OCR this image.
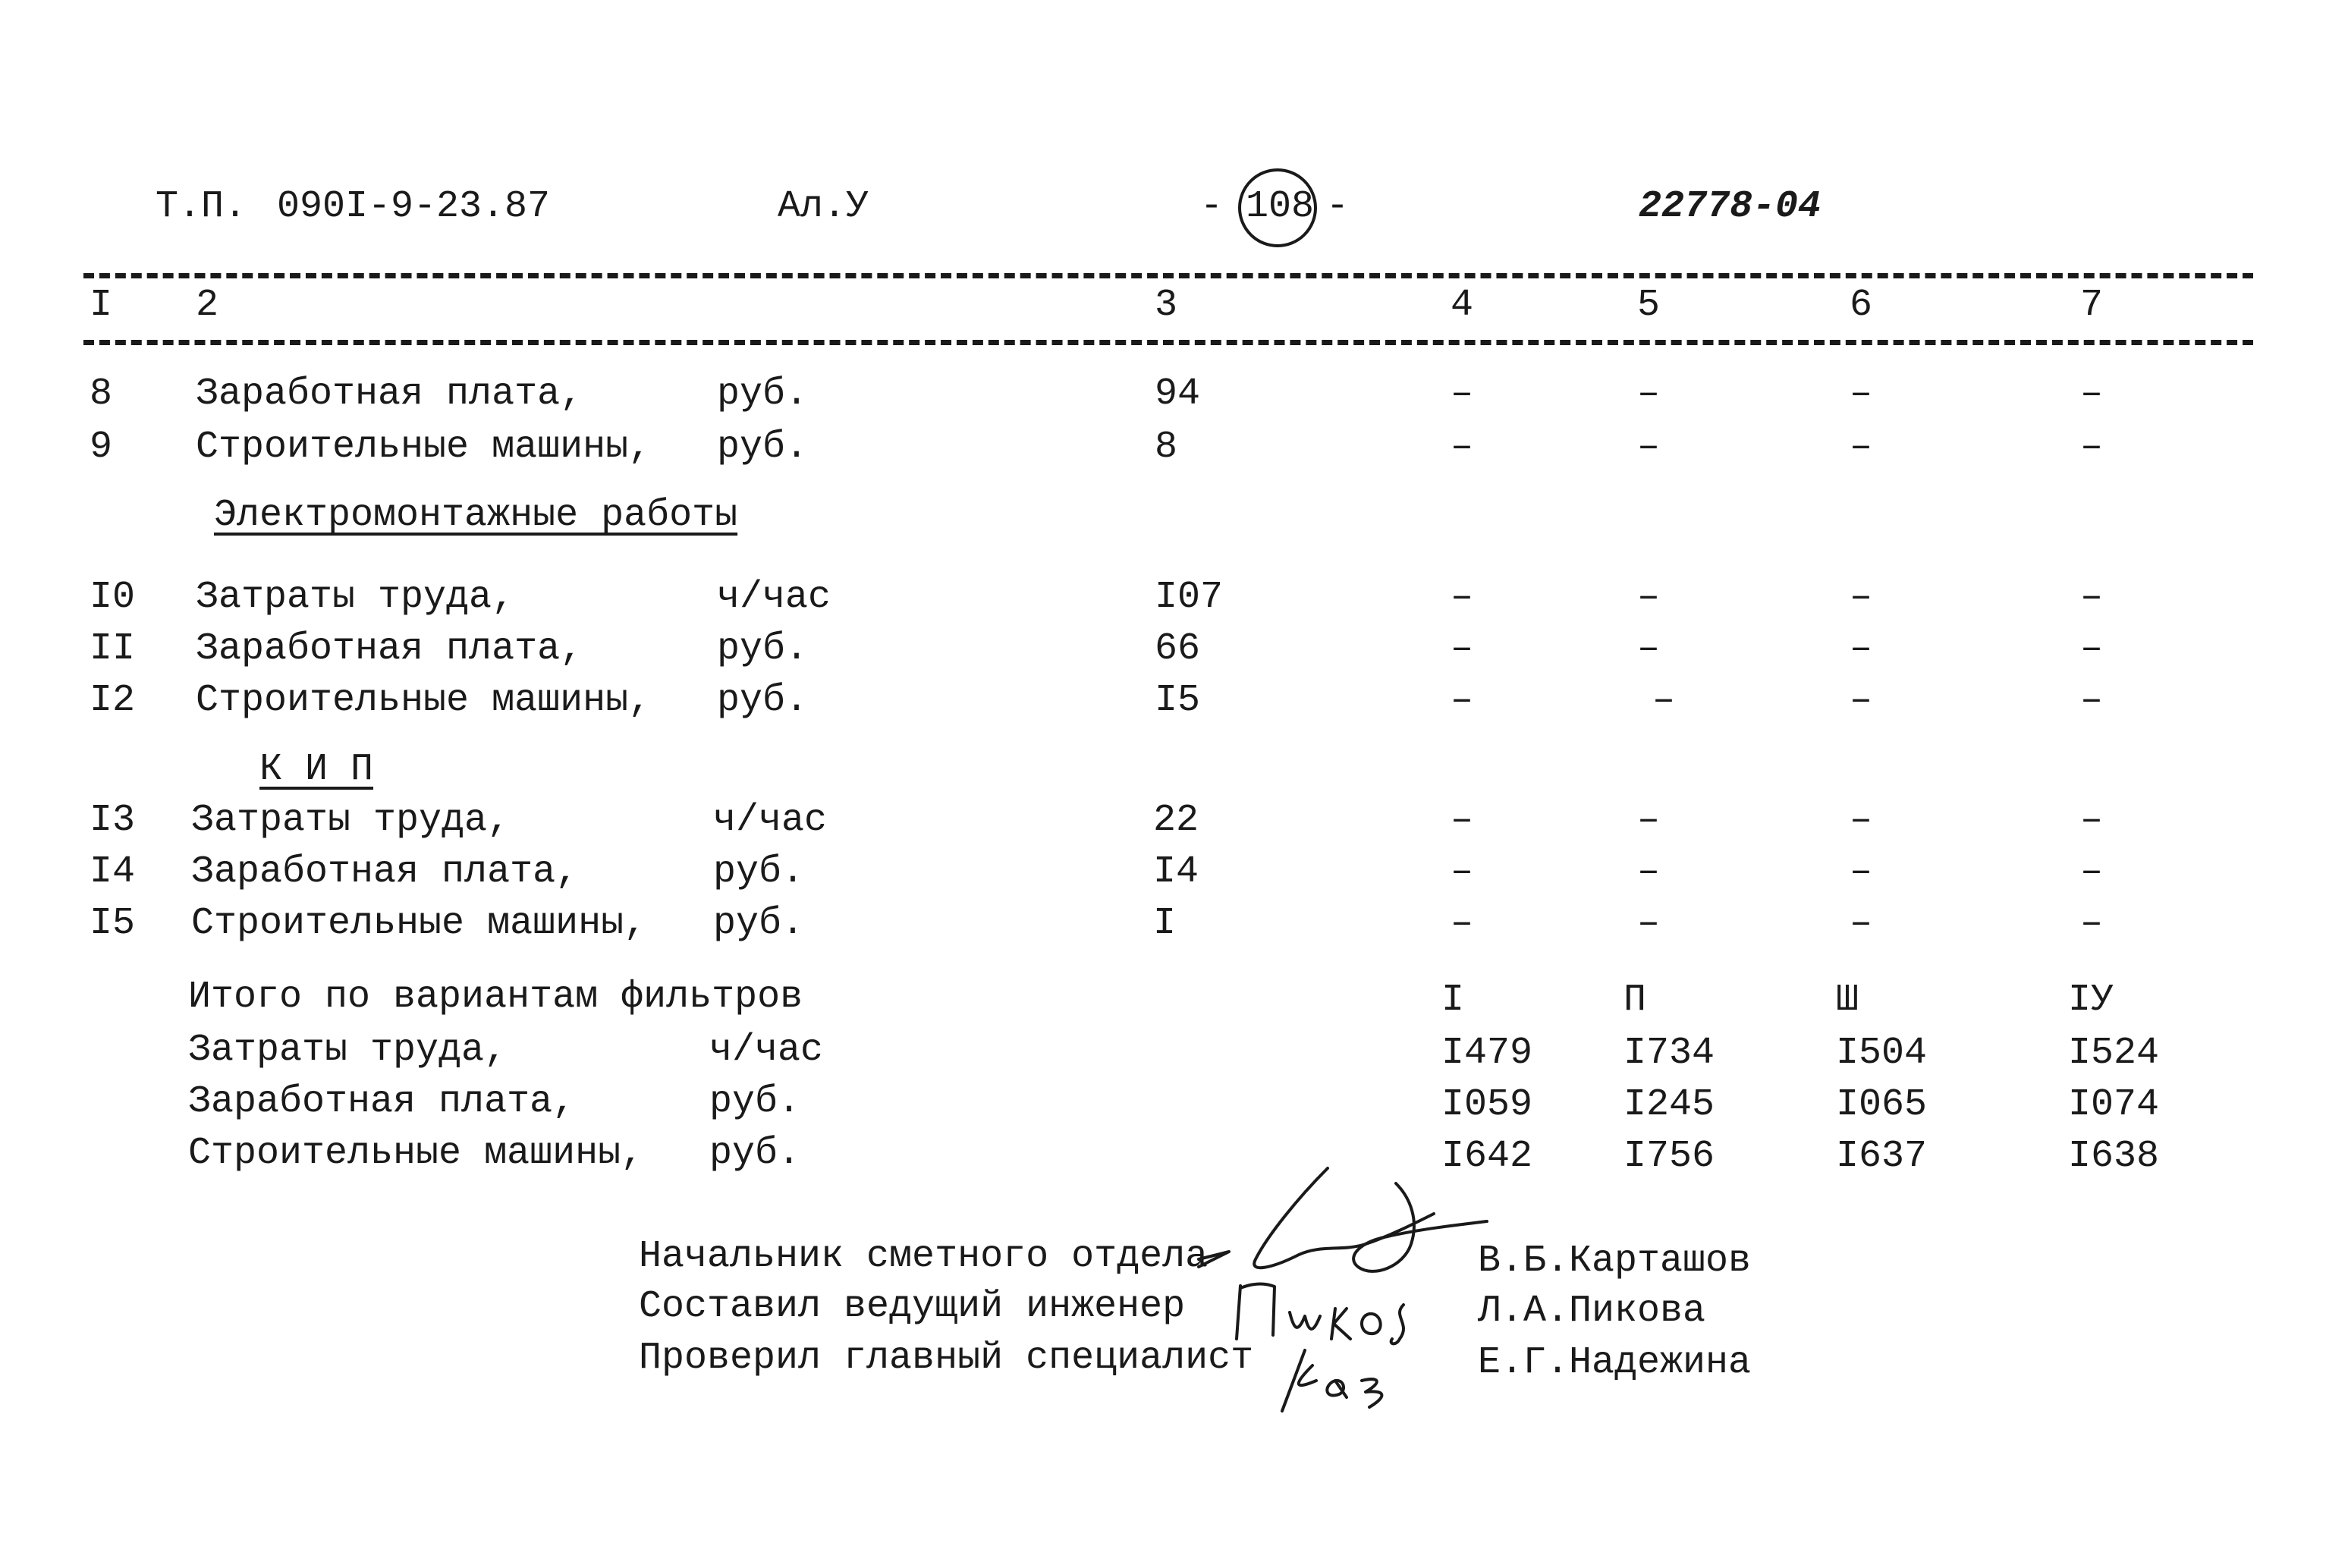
Т.П. 090I-9-23.87	Ал.У	- 108 -	22778-04
I 2	3	4	5	6	7
8 Заработная плата,	руб.	94	–	–	–	–
9 Строительные машины, руб.	8	–	–	–	–
Электромонтажные работы
I0 Затраты труда,	ч/час	I07	–	–	–	–
II Заработная плата,	руб.	66	–	–	–	–
I2 Строительные машины, руб.	I5	–	–	–	–
К И П
I3 Затраты труда,	ч/час	22	–	–	–	–
I4 Заработная плата,	руб.	I4	–	–	–	–
I5 Строительные машины, руб.	I	–	–	–	–
Итого по вариантам фильтров	I	П	Ш	IУ
Затраты труда,	ч/час	I479 I734	I504	I524
Заработная плата,	руб.	I059 I245	I065	I074
Строительные машины, руб.	I642 I756	I637	I638
Начальник сметного отдела	В.Б.Карташов
Составил ведущий инженер	Л.А.Пикова
Проверил главный специалист	Е.Г.Надежина
